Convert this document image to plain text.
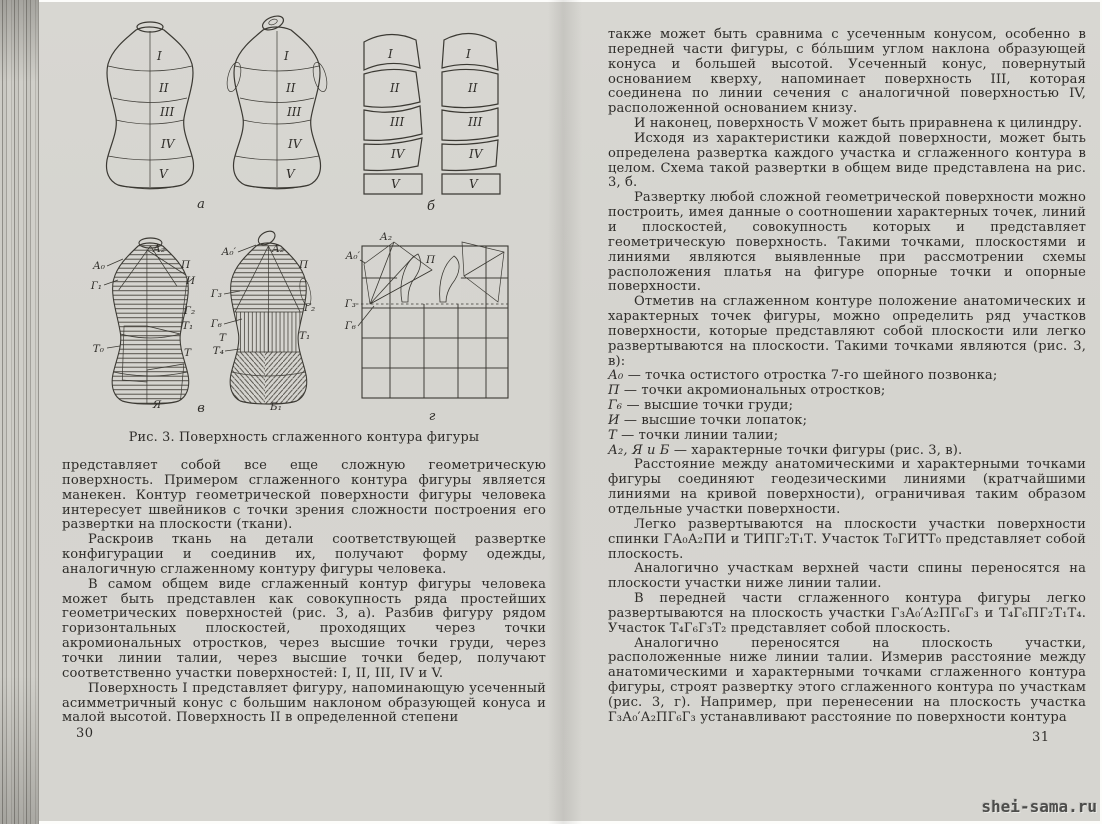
I
II
III
IV
V
I
II
III
IV
V
а
I
II
III
IV
V
I
II
III
IV
V
б
А₀
А₂
П
И
Г₁
Г₂
Т₁
Т₀	Т
Я	в
А₀′	А₂
П
Г₃
Г₂
Г₆
Т	Т₁
Т₄
Б₁
А₀′
А₂
П
Г₃
Г₆
г
Рис. 3. Поверхность сглаженного контура фигуры

представляет собой все еще сложную геометрическую поверхность. Примером сглаженного контура фигуры является манекен. Контур геометрической поверхности фигуры человека интересует швейников с точки зрения сложности построения его развертки на плоскости (ткани).

Раскроив ткань на детали соответствующей развертке конфигурации и соединив их, получают форму одежды, аналогичную сглаженному контуру фигуры человека.

В самом общем виде сглаженный контур фигуры человека может быть представлен как совокупность ряда простейших геометрических поверхностей (рис. 3, а). Разбив фигуру рядом горизонтальных плоскостей, проходящих через точки акромиональных отростков, через высшие точки груди, через точки линии талии, через высшие точки бедер, получают соответственно участки поверхностей: I, II, III, IV и V.

Поверхность I представляет фигуру, напоминающую усеченный асимметричный конус с большим наклоном образующей конуса и малой высотой. Поверхность II в определенной степени

30

также может быть сравнима с усеченным конусом, особенно в передней части фигуры, с бо́льшим углом наклона образующей конуса и большей высотой. Усеченный конус, повернутый основанием кверху, напоминает поверхность III, которая соединена по линии сечения с аналогичной поверхностью IV, расположенной основанием книзу.

И наконец, поверхность V может быть приравнена к цилиндру.

Исходя из характеристики каждой поверхности, может быть определена развертка каждого участка и сглаженного контура в целом. Схема такой развертки в общем виде представлена на рис. 3, б.

Развертку любой сложной геометрической поверхности можно построить, имея данные о соотношении характерных точек, линий и плоскостей, совокупность которых и представляет геометрическую поверхность. Такими точками, плоскостями и линиями являются выявленные при рассмотрении схемы расположения платья на фигуре опорные точки и опорные поверхности.

Отметив на сглаженном контуре положение анатомических и характерных точек фигуры, можно определить ряд участков поверхности, которые представляют собой плоскости или легко развертываются на плоскости. Такими точками являются (рис. 3, в):

А₀ — точка остистого отростка 7-го шейного позвонка;

П — точки акромиональных отростков;

Г₆ — высшие точки груди;

И — высшие точки лопаток;

Т — точки линии талии;

А₂, Я и Б — характерные точки фигуры (рис. 3, в).

Расстояние между анатомическими и характерными точками фигуры соединяют геодезическими линиями (кратчайшими линиями на кривой поверхности), ограничивая таким образом отдельные участки поверхности.

Легко развертываются на плоскости участки поверхности спинки ГА₀А₂ПИ и ТИПГ₂Т₁Т. Участок Т₀ГИТТ₀ представляет собой плоскость.

Аналогично участкам верхней части спины переносятся на плоскости участки ниже линии талии.

В передней части сглаженного контура фигуры легко развертываются на плоскость участки Г₃А₀′А₂ПГ₆Г₃ и Т₄Г₆ПГ₂Т₁Т₄. Участок Т₄Г₆Г₃Т₂ представляет собой плоскость.

Аналогично переносятся на плоскость участки, расположенные ниже линии талии. Измерив расстояние между анатомическими и характерными точками сглаженного контура фигуры, строят развертку этого сглаженного контура по участкам (рис. 3, г). Например, при перенесении на плоскость участка Г₃А₀′А₂ПГ₆Г₃ устанавливают расстояние по поверхности контура

31
shei-sama.ru
